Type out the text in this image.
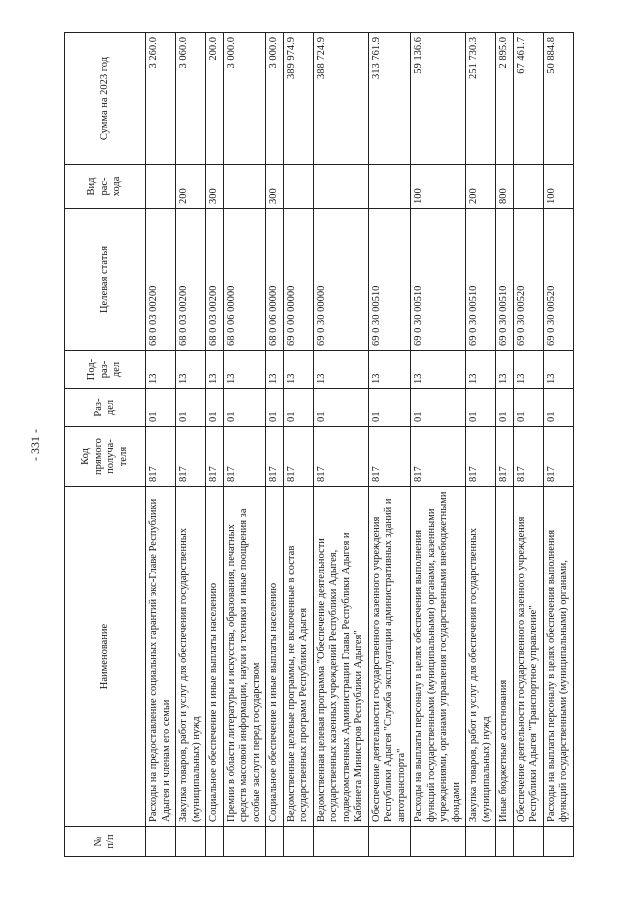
- 331 -
№ п/п	Наименование	Код прямого получа-теля	Раз-дел	Под-раз-дел	Целевая статья	Вид рас-хода	Сумма на 2023 год
	Расходы на предоставление социальных гарантий экс-Главе Республики Адыгея и членам его семьи	817	01	13	68 0 03 00200		3 260.0
	Закупка товаров, работ и услуг для обеспечения государственных (муниципальных) нужд	817	01	13	68 0 03 00200	200	3 060.0
	Социальное обеспечение и иные выплаты населению	817	01	13	68 0 03 00200	300	200.0
	Премии в области литературы и искусства, образования, печатных средств массовой информации, науки и техники и иные поощрения за особые заслуги перед государством	817	01	13	68 0 06 00000		3 000.0
	Социальное обеспечение и иные выплаты населению	817	01	13	68 0 06 00000	300	3 000.0
	Ведомственные целевые программы, не включенные в состав государственных программ Республики Адыгея	817	01	13	69 0 00 00000		389 974.9
	Ведомственная целевая программа "Обеспечение деятельности государственных казенных учреждений Республики Адыгея, подведомственных Администрации Главы Республики Адыгея и Кабинета Министров Республики Адыгея"	817	01	13	69 0 30 00000		388 724.9
	Обеспечение деятельности государственного казенного учреждения Республики Адыгея "Служба эксплуатации административных зданий и автотранспорта"	817	01	13	69 0 30 00510		313 761.9
	Расходы на выплаты персоналу в целях обеспечения выполнения функций государственными (муниципальными) органами, казенными учреждениями, органами управления государственными внебюджетными фондами	817	01	13	69 0 30 00510	100	59 136.6
	Закупка товаров, работ и услуг для обеспечения государственных (муниципальных) нужд	817	01	13	69 0 30 00510	200	251 730.3
	Иные бюджетные ассигнования	817	01	13	69 0 30 00510	800	2 895.0
	Обеспечение деятельности государственного казенного учреждения Республики Адыгея "Транспортное управление"	817	01	13	69 0 30 00520		67 461.7
	Расходы на выплаты персоналу в целях обеспечения выполнения функций государственными (муниципальными) органами,	817	01	13	69 0 30 00520	100	50 884.8
